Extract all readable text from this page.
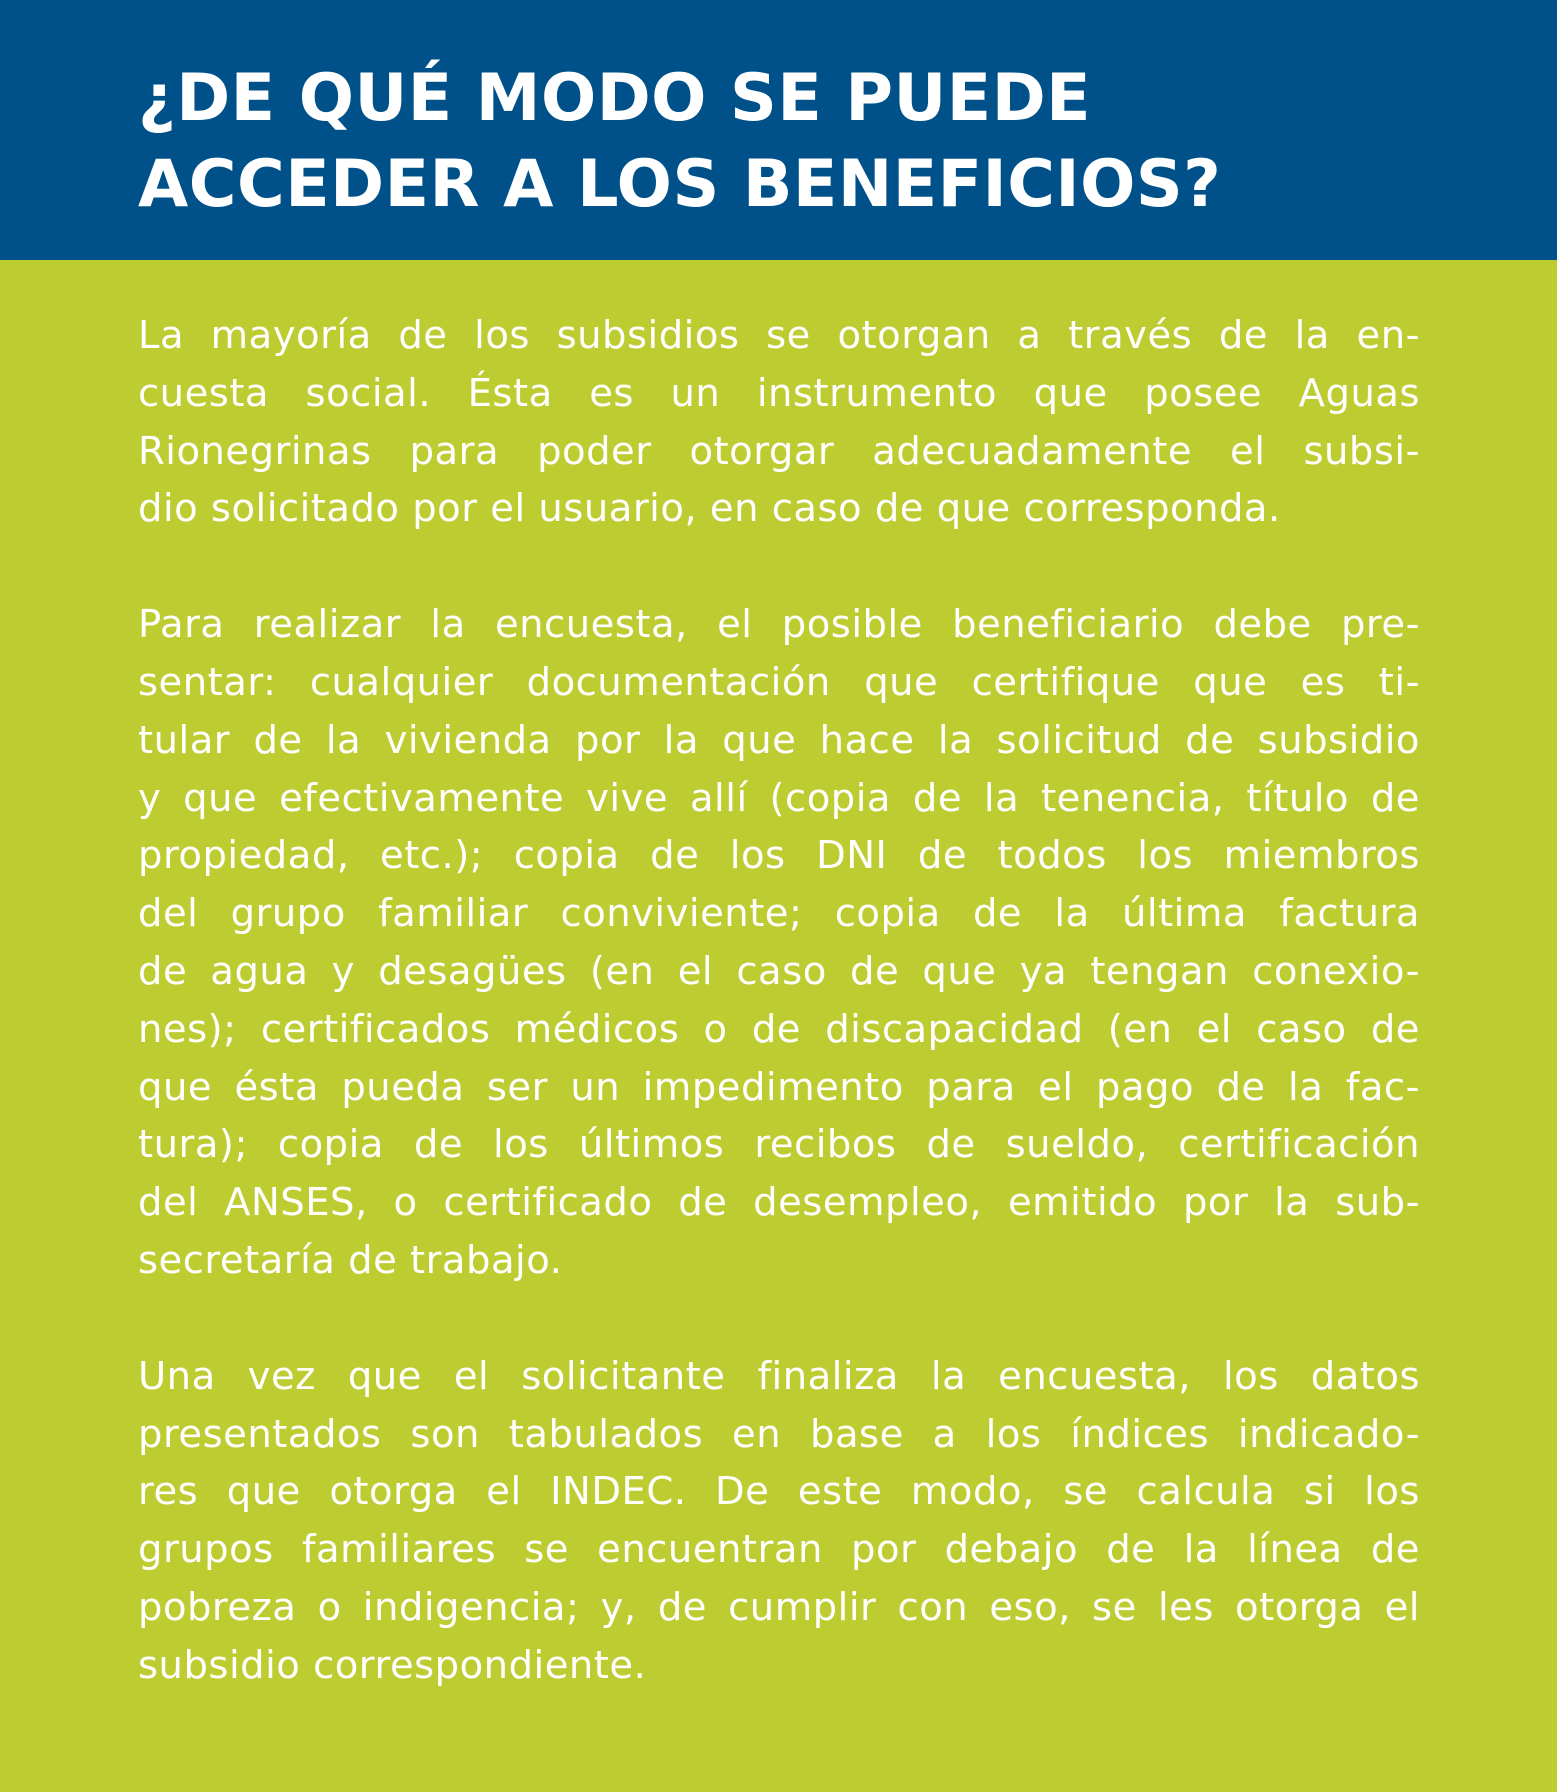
¿DE QUÉ MODO SE PUEDE
ACCEDER A LOS BENEFICIOS?

La mayoría de los subsidios se otorgan a través de la en-
cuesta social. Ésta es un instrumento que posee Aguas
Rionegrinas para poder otorgar adecuadamente el subsi-
dio solicitado por el usuario, en caso de que corresponda.

Para realizar la encuesta, el posible beneficiario debe pre-
sentar: cualquier documentación que certifique que es ti-
tular de la vivienda por la que hace la solicitud de subsidio
y que efectivamente vive allí (copia de la tenencia, título de
propiedad, etc.); copia de los DNI de todos los miembros
del grupo familiar conviviente; copia de la última factura
de agua y desagües (en el caso de que ya tengan conexio-
nes); certificados médicos o de discapacidad (en el caso de
que ésta pueda ser un impedimento para el pago de la fac-
tura); copia de los últimos recibos de sueldo, certificación
del ANSES, o certificado de desempleo, emitido por la sub-
secretaría de trabajo.

Una vez que el solicitante finaliza la encuesta, los datos
presentados son tabulados en base a los índices indicado-
res que otorga el INDEC. De este modo, se calcula si los
grupos familiares se encuentran por debajo de la línea de
pobreza o indigencia; y, de cumplir con eso, se les otorga el
subsidio correspondiente.
